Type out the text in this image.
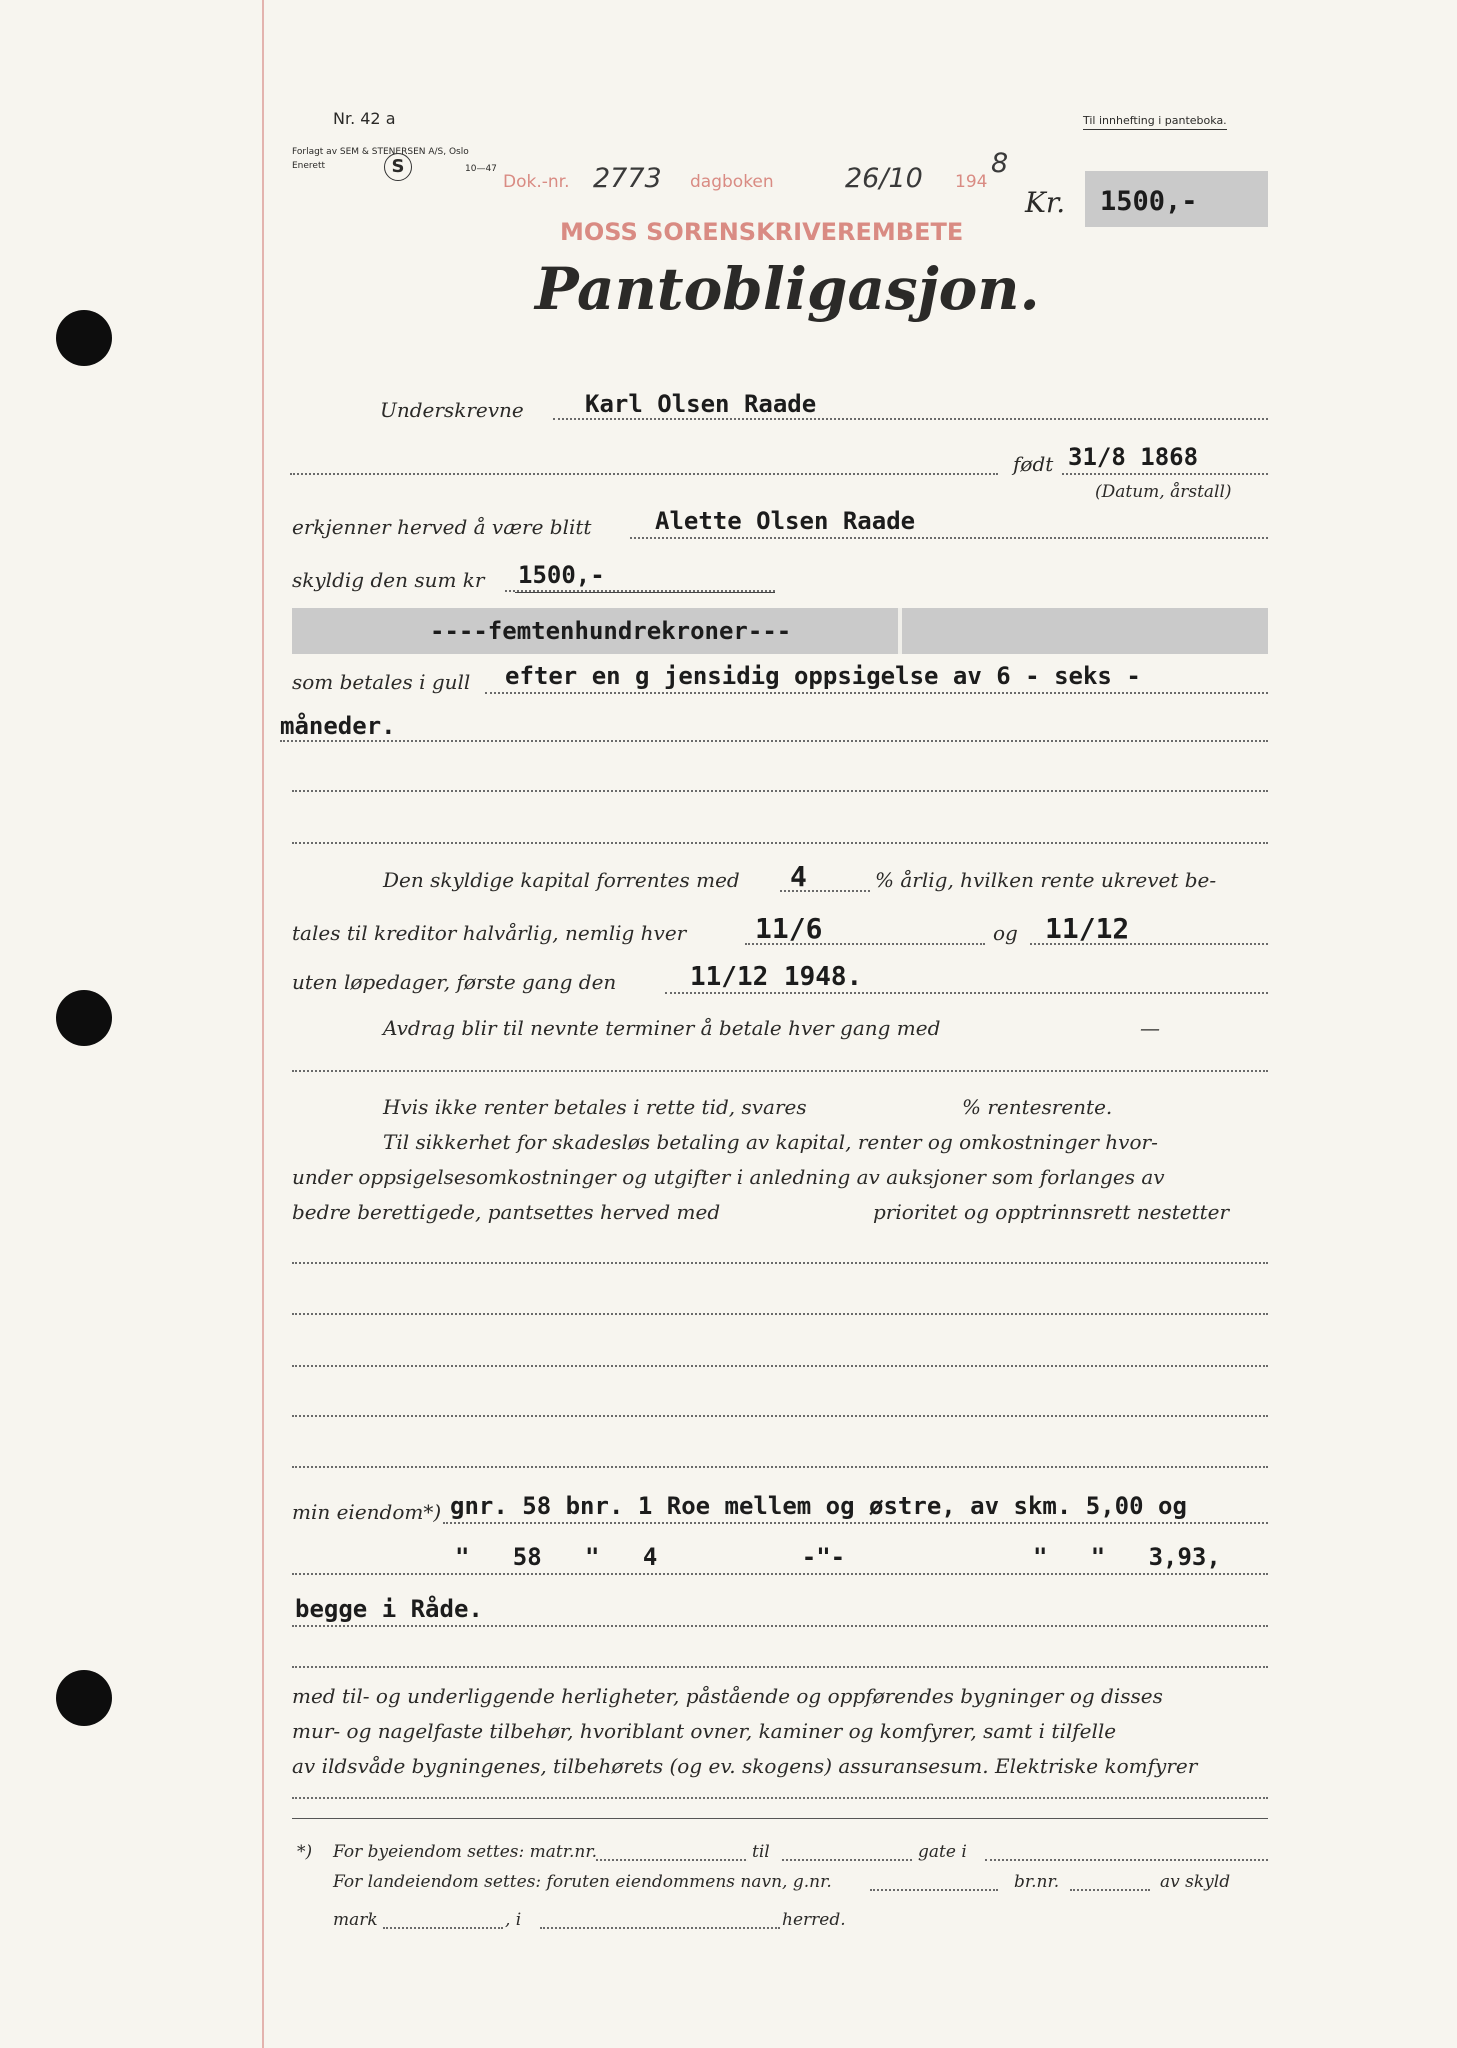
Nr. 42 a
Forlagt av SEM & STENERSEN A/S, Oslo
Enerett	S	10—47
Til innhefting i panteboka.
Dok.-nr. 2773 dagboken	26/10 194
8
MOSS SORENSKRIVEREMBETE
Kr. 1500,-
Pantobligasjon.
Underskrevne	Karl Olsen Raade
født 31/8 1868
(Datum, årstall)
erkjenner herved å være blitt	Alette Olsen Raade
skyldig den sum kr 1500,-
----femtenhundrekroner---
som betales i gull efter en g jensidig oppsigelse av 6 - seks -
måneder.
Den skyldige kapital forrentes med 4	% årlig, hvilken rente ukrevet be-
tales til kreditor halvårlig, nemlig hver 11/6	og 11/12
uten løpedager, første gang den	11/12 1948.
Avdrag blir til nevnte terminer å betale hver gang med	—
Hvis ikke renter betales i rette tid, svares	% rentesrente.
Til sikkerhet for skadesløs betaling av kapital, renter og omkostninger hvor-
under oppsigelsesomkostninger og utgifter i anledning av auksjoner som forlanges av
bedre berettigede, pantsettes herved med	prioritet og opptrinnsrett nestetter
min eiendom*) gnr. 58 bnr. 1 Roe mellem og østre, av skm. 5,00 og
"   58   "   4          -"-             "   "   3,93,
begge i Råde.
med til- og underliggende herligheter, påstående og oppførendes bygninger og disses
mur- og nagelfaste tilbehør, hvoriblant ovner, kaminer og komfyrer, samt i tilfelle
av ildsvåde bygningenes, tilbehørets (og ev. skogens) assuransesum. Elektriske komfyrer
*) For byeiendom settes: matr.nr.	til	gate i
For landeiendom settes: foruten eiendommens navn, g.nr.	br.nr.	av skyld
mark	, i	herred.
